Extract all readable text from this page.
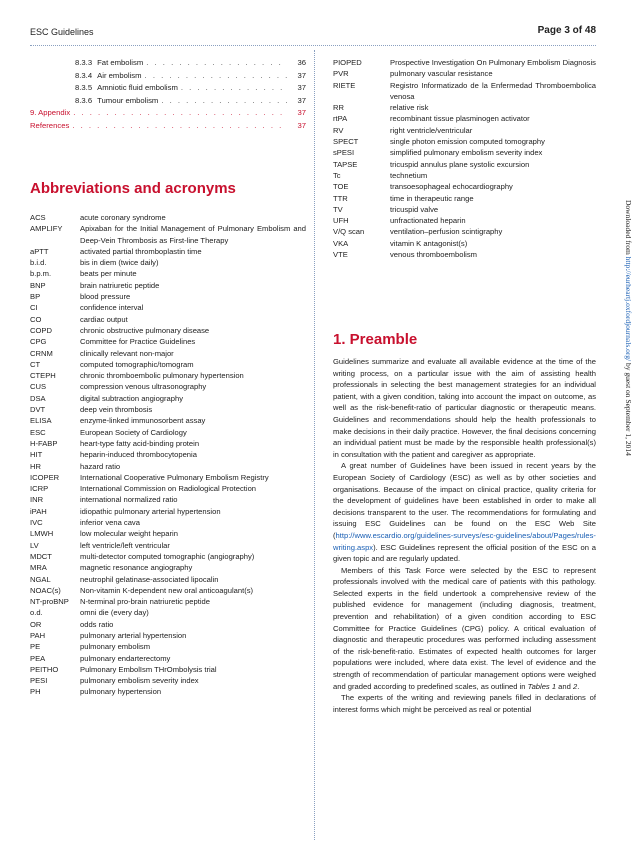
ESC Guidelines	Page 3 of 48
8.3.3 Fat embolism . . .	36
8.3.4 Air embolism . . .	37
8.3.5 Amniotic fluid embolism . . .	37
8.3.6 Tumour embolism . . .	37
9. Appendix . . .	37
References . . .	37
Abbreviations and acronyms
ACS	acute coronary syndrome
AMPLIFY	Apixaban for the Initial Management of Pulmonary Embolism and Deep-Vein Thrombosis as First-line Therapy
aPTT	activated partial thromboplastin time
b.i.d.	bis in diem (twice daily)
b.p.m.	beats per minute
BNP	brain natriuretic peptide
BP	blood pressure
CI	confidence interval
CO	cardiac output
COPD	chronic obstructive pulmonary disease
CPG	Committee for Practice Guidelines
CRNM	clinically relevant non-major
CT	computed tomographic/tomogram
CTEPH	chronic thromboembolic pulmonary hypertension
CUS	compression venous ultrasonography
DSA	digital subtraction angiography
DVT	deep vein thrombosis
ELISA	enzyme-linked immunosorbent assay
ESC	European Society of Cardiology
H-FABP	heart-type fatty acid-binding protein
HIT	heparin-induced thrombocytopenia
HR	hazard ratio
ICOPER	International Cooperative Pulmonary Embolism Registry
ICRP	International Commission on Radiological Protection
INR	international normalized ratio
iPAH	idiopathic pulmonary arterial hypertension
IVC	inferior vena cava
LMWH	low molecular weight heparin
LV	left ventricle/left ventricular
MDCT	multi-detector computed tomographic (angiography)
MRA	magnetic resonance angiography
NGAL	neutrophil gelatinase-associated lipocalin
NOAC(s)	Non-vitamin K-dependent new oral anticoagulant(s)
NT-proBNP	N-terminal pro-brain natriuretic peptide
o.d.	omni die (every day)
OR	odds ratio
PAH	pulmonary arterial hypertension
PE	pulmonary embolism
PEA	pulmonary endarterectomy
PEITHO	Pulmonary EmbolIsm THrOmbolysis trial
PESI	pulmonary embolism severity index
PH	pulmonary hypertension
PIOPED	Prospective Investigation On Pulmonary Embolism Diagnosis
PVR	pulmonary vascular resistance
RIETE	Registro Informatizado de la Enfermedad Thromboembolica venosa
RR	relative risk
rtPA	recombinant tissue plasminogen activator
RV	right ventricle/ventricular
SPECT	single photon emission computed tomography
sPESI	simplified pulmonary embolism severity index
TAPSE	tricuspid annulus plane systolic excursion
Tc	technetium
TOE	transoesophageal echocardiography
TTR	time in therapeutic range
TV	tricuspid valve
UFH	unfractionated heparin
V/Q scan	ventilation–perfusion scintigraphy
VKA	vitamin K antagonist(s)
VTE	venous thromboembolism
1. Preamble

Guidelines summarize and evaluate all available evidence at the time of the writing process, on a particular issue with the aim of assisting health professionals in selecting the best management strategies for an individual patient, with a given condition, taking into account the impact on outcome, as well as the risk-benefit-ratio of particular diagnostic or therapeutic means. Guidelines and recommendations should help the health professionals to make decisions in their daily practice. However, the final decisions concerning an individual patient must be made by the responsible health professional(s) in consultation with the patient and caregiver as appropriate.

A great number of Guidelines have been issued in recent years by the European Society of Cardiology (ESC) as well as by other societies and organisations. Because of the impact on clinical practice, quality criteria for the development of guidelines have been established in order to make all decisions transparent to the user. The recommendations for formulating and issuing ESC Guidelines can be found on the ESC Web Site (http://www.escardio.org/guidelines-surveys/esc-guidelines/about/Pages/rules-writing.aspx). ESC Guidelines represent the official position of the ESC on a given topic and are regularly updated.

Members of this Task Force were selected by the ESC to represent professionals involved with the medical care of patients with this pathology. Selected experts in the field undertook a comprehensive review of the published evidence for management (including diagnosis, treatment, prevention and rehabilitation) of a given condition according to ESC Committee for Practice Guidelines (CPG) policy. A critical evaluation of diagnostic and therapeutic procedures was performed including assessment of the risk-benefit-ratio. Estimates of expected health outcomes for larger populations were included, where data exist. The level of evidence and the strength of recommendation of particular management options were weighed and graded according to predefined scales, as outlined in Tables 1 and 2.

The experts of the writing and reviewing panels filled in declarations of interest forms which might be perceived as real or potential

Downloaded from http://eurheartj.oxfordjournals.org/ by guest on September 1, 2014
